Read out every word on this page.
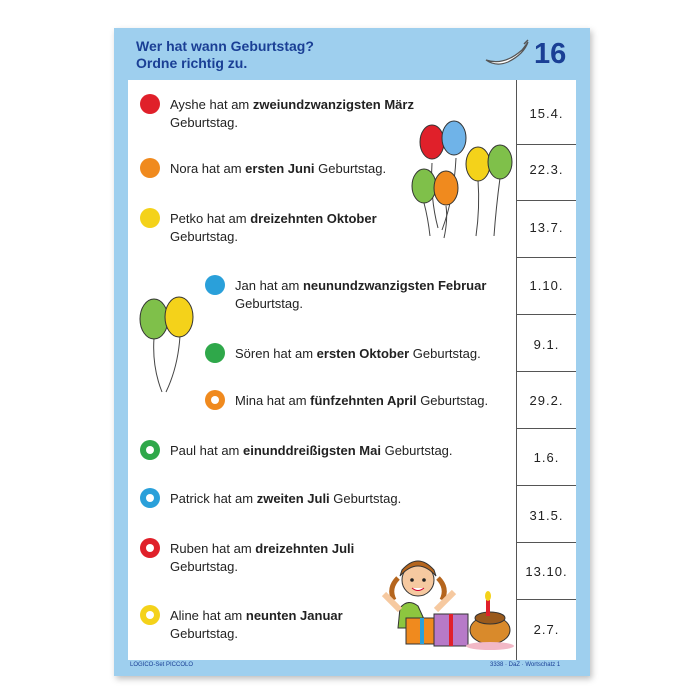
Wer hat wann Geburtstag?
Ordne richtig zu.	16
Ayshe hat am zweiundzwanzigsten März
Geburtstag.
Nora hat am ersten Juni Geburtstag.
Petko hat am dreizehnten Oktober
Geburtstag.
Jan hat am neunundzwanzigsten Februar
Geburtstag.
Sören hat am ersten Oktober Geburtstag.
Mina hat am fünfzehnten April Geburtstag.
Paul hat am einunddreißigsten Mai Geburtstag.
Patrick hat am zweiten Juli Geburtstag.
Ruben hat am dreizehnten Juli
Geburtstag.
Aline hat am neunten Januar
Geburtstag.
15.4.
22.3.
13.7.
1.10.
9.1.
29.2.
1.6.
31.5.
13.10.
2.7.
LOGICO-Set PICCOLO	3338 · DaZ · Wortschatz 1
